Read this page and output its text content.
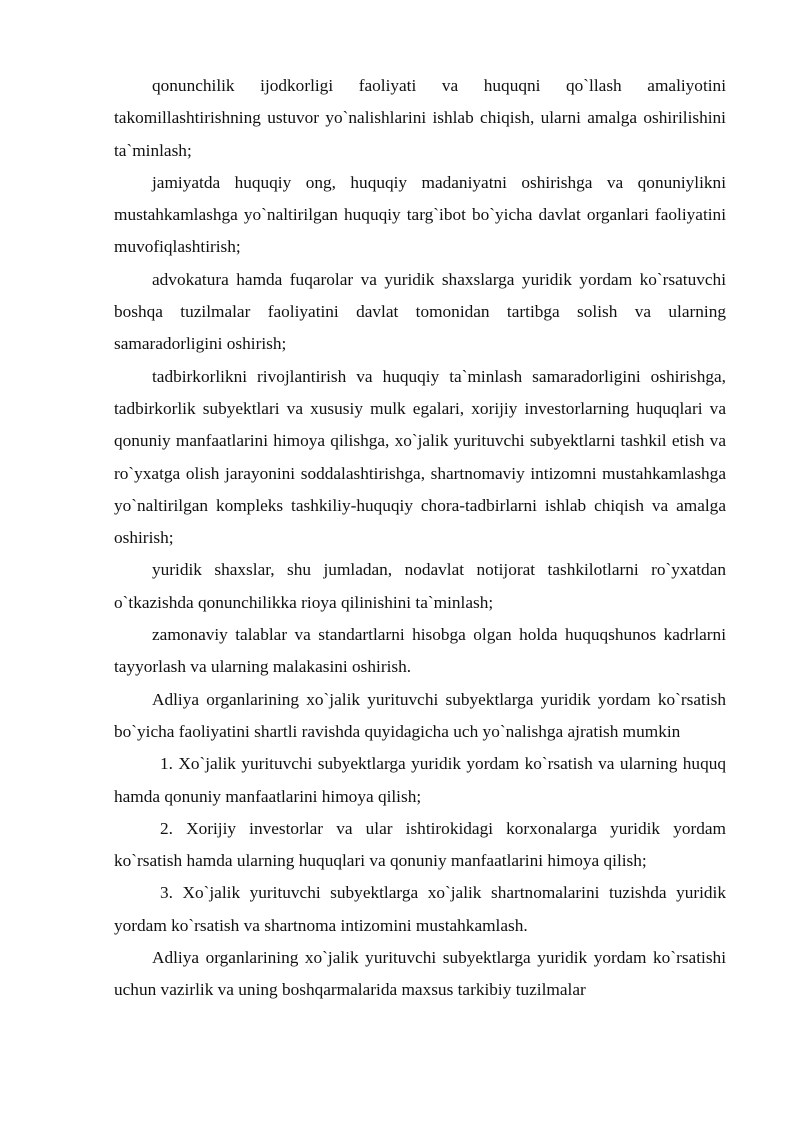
qonunchilik ijodkorligi faoliyati va huquqni qo`llash amaliyotini takomillashtirishning ustuvor yo`nalishlarini ishlab chiqish, ularni amalga oshirilishini ta`minlash;

jamiyatda huquqiy ong, huquqiy madaniyatni oshirishga va qonuniylikni mustahkamlashga yo`naltirilgan huquqiy targ`ibot bo`yicha davlat organlari faoliyatini muvofiqlashtirish;

advokatura hamda fuqarolar va yuridik shaxslarga yuridik yordam ko`rsatuvchi boshqa tuzilmalar faoliyatini davlat tomonidan tartibga solish va ularning samaradorligini oshirish;

tadbirkorlikni rivojlantirish va huquqiy ta`minlash samaradorligini oshirishga, tadbirkorlik subyektlari va xususiy mulk egalari, xorijiy investorlarning huquqlari va qonuniy manfaatlarini himoya qilishga, xo`jalik yurituvchi subyektlarni tashkil etish va ro`yxatga olish jarayonini soddalashtirishga, shartnomaviy intizomni mustahkamlashga yo`naltirilgan kompleks tashkiliy-huquqiy chora-tadbirlarni ishlab chiqish va amalga oshirish;

yuridik shaxslar, shu jumladan, nodavlat notijorat tashkilotlarni ro`yxatdan o`tkazishda qonunchilikka rioya qilinishini ta`minlash;

zamonaviy talablar va standartlarni hisobga olgan holda huquqshunos kadrlarni tayyorlash va ularning malakasini oshirish.

Adliya organlarining xo`jalik yurituvchi subyektlarga yuridik yordam ko`rsatish bo`yicha faoliyatini shartli ravishda quyidagicha uch yo`nalishga ajratish mumkin

1. Xo`jalik yurituvchi subyektlarga yuridik yordam ko`rsatish va ularning huquq hamda qonuniy manfaatlarini himoya qilish;

2. Xorijiy investorlar va ular ishtirokidagi korxonalarga yuridik yordam ko`rsatish hamda ularning huquqlari va qonuniy manfaatlarini himoya qilish;

3. Xo`jalik yurituvchi subyektlarga xo`jalik shartnomalarini tuzishda yuridik yordam ko`rsatish va shartnoma intizomini mustahkamlash.

Adliya organlarining xo`jalik yurituvchi subyektlarga yuridik yordam ko`rsatishi uchun vazirlik va uning boshqarmalarida maxsus tarkibiy tuzilmalar
